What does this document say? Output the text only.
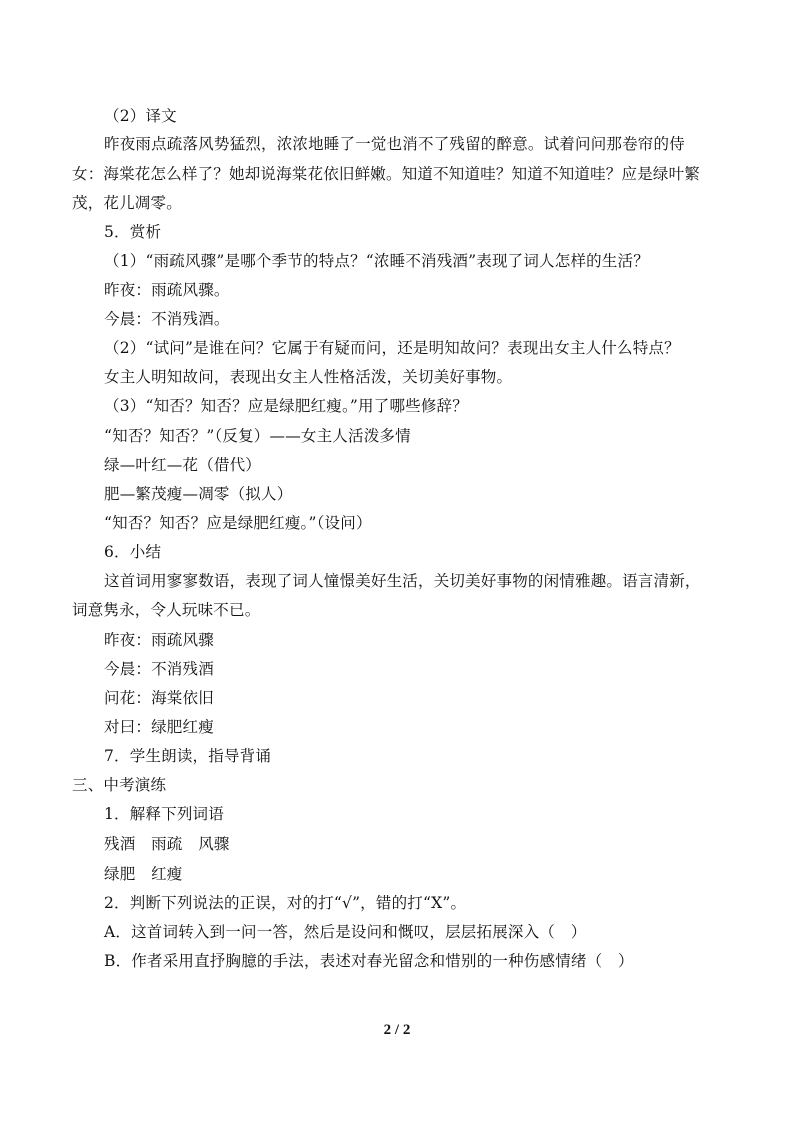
（2）译文
昨夜雨点疏落风势猛烈，浓浓地睡了一觉也消不了残留的醉意。试着问问那卷帘的侍
女：海棠花怎么样了？她却说海棠花依旧鲜嫩。知道不知道哇？知道不知道哇？应是绿叶繁
茂，花儿凋零。
5．赏析
（1）“雨疏风骤”是哪个季节的特点？“浓睡不消残酒”表现了词人怎样的生活？
昨夜：雨疏风骤。
今晨：不消残酒。
（2）“试问”是谁在问？它属于有疑而问，还是明知故问？表现出女主人什么特点？
女主人明知故问，表现出女主人性格活泼，关切美好事物。
（3）“知否？知否？应是绿肥红瘦。”用了哪些修辞？
“知否？知否？”（反复）——女主人活泼多情
绿—叶红—花（借代）
肥—繁茂瘦—凋零（拟人）
“知否？知否？应是绿肥红瘦。”（设问）
6．小结
这首词用寥寥数语，表现了词人憧憬美好生活，关切美好事物的闲情雅趣。语言清新，
词意隽永，令人玩味不已。
昨夜：雨疏风骤
今晨：不消残酒
问花：海棠依旧
对曰：绿肥红瘦
7．学生朗读，指导背诵
三、中考演练
1．解释下列词语
残酒　雨疏　风骤
绿肥　红瘦
2．判断下列说法的正误，对的打“√”，错的打“Χ”。
A．这首词转入到一问一答，然后是设问和慨叹，层层拓展深入（　）
B．作者采用直抒胸臆的手法，表述对春光留念和惜别的一种伤感情绪（　）
2 / 2
